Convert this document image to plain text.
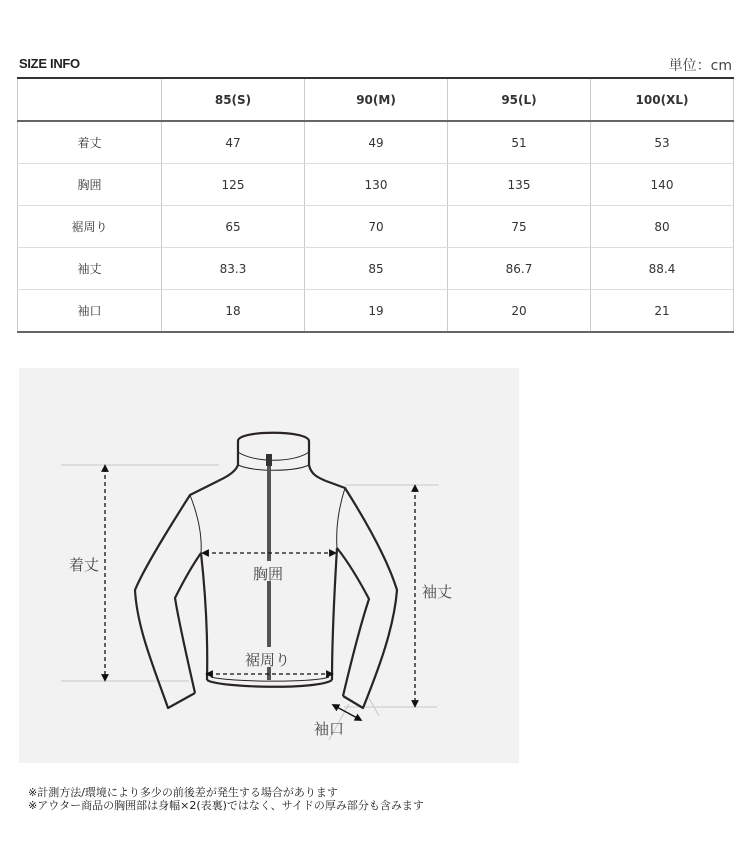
SIZE INFO	単位：cm
	85(S)	90(M)	95(L)	100(XL)
着丈	47	49	51	53
胸囲	125	130	135	140
裾周り	65	70	75	80
袖丈	83.3	85	86.7	88.4
袖口	18	19	20	21
着丈	胸囲
裾周り
袖丈
袖口
※計測方法/環境により多少の前後差が発生する場合があります
※アウター商品の胸囲部は身幅×2(表裏)ではなく、サイドの厚み部分も含みます
